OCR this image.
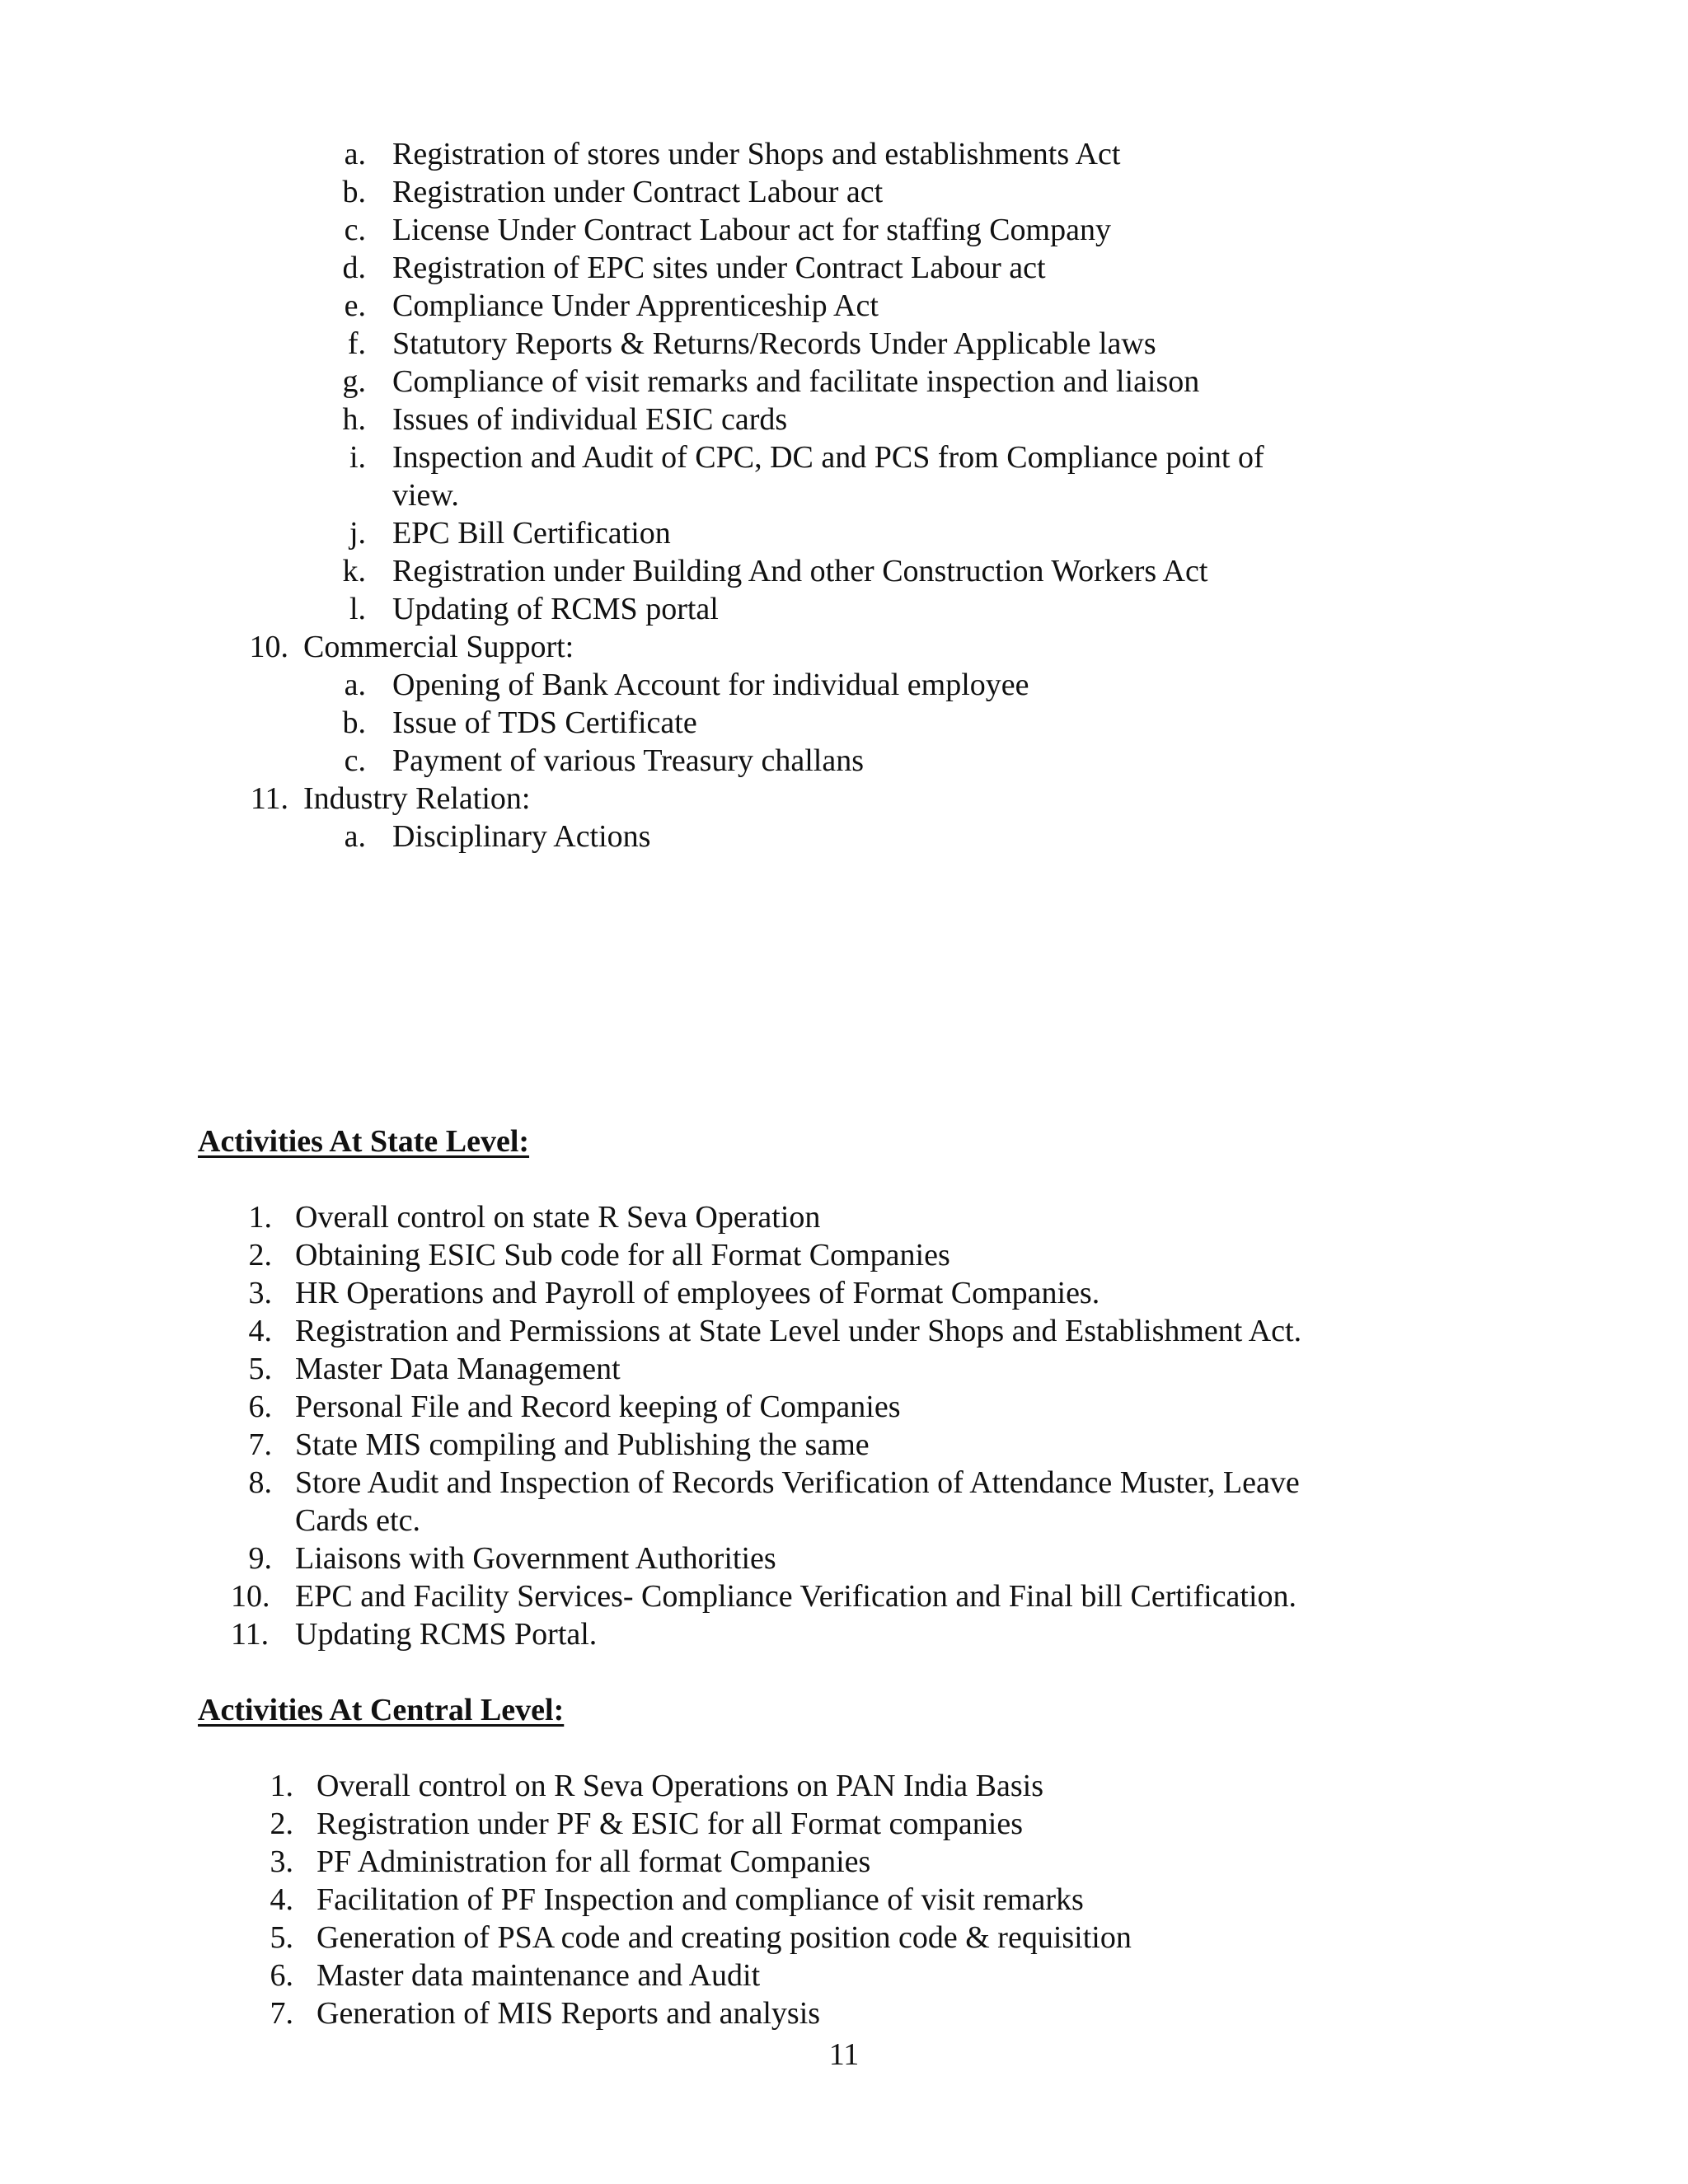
a. Registration of stores under Shops and establishments Act
b. Registration under Contract Labour act
c. License Under Contract Labour act for staffing Company
d. Registration of EPC sites under Contract Labour act
e. Compliance Under Apprenticeship Act
f. Statutory Reports & Returns/Records Under Applicable laws
g. Compliance of visit remarks and facilitate inspection and liaison
h. Issues of individual ESIC cards
i. Inspection and Audit of CPC, DC and PCS from Compliance point of
view.
j. EPC Bill Certification
k. Registration under Building And other Construction Workers Act
l. Updating of RCMS portal
10. Commercial Support:
a. Opening of Bank Account for individual employee
b. Issue of TDS Certificate
c. Payment of various Treasury challans
11. Industry Relation:
a. Disciplinary Actions
Activities At State Level:
1. Overall control on state R Seva Operation
2. Obtaining ESIC Sub code for all Format Companies
3. HR Operations and Payroll of employees of Format Companies.
4. Registration and Permissions at State Level under Shops and Establishment Act.
5. Master Data Management
6. Personal File and Record keeping of Companies
7. State MIS compiling and Publishing the same
8. Store Audit and Inspection of Records Verification of Attendance Muster, Leave
Cards etc.
9. Liaisons with Government Authorities
10. EPC and Facility Services- Compliance Verification and Final bill Certification.
11. Updating RCMS Portal.
Activities At Central Level:
1. Overall control on R Seva Operations on PAN India Basis
2. Registration under PF & ESIC for all Format companies
3. PF Administration for all format Companies
4. Facilitation of PF Inspection and compliance of visit remarks
5. Generation of PSA code and creating position code & requisition
6. Master data maintenance and Audit
7. Generation of MIS Reports and analysis
11
